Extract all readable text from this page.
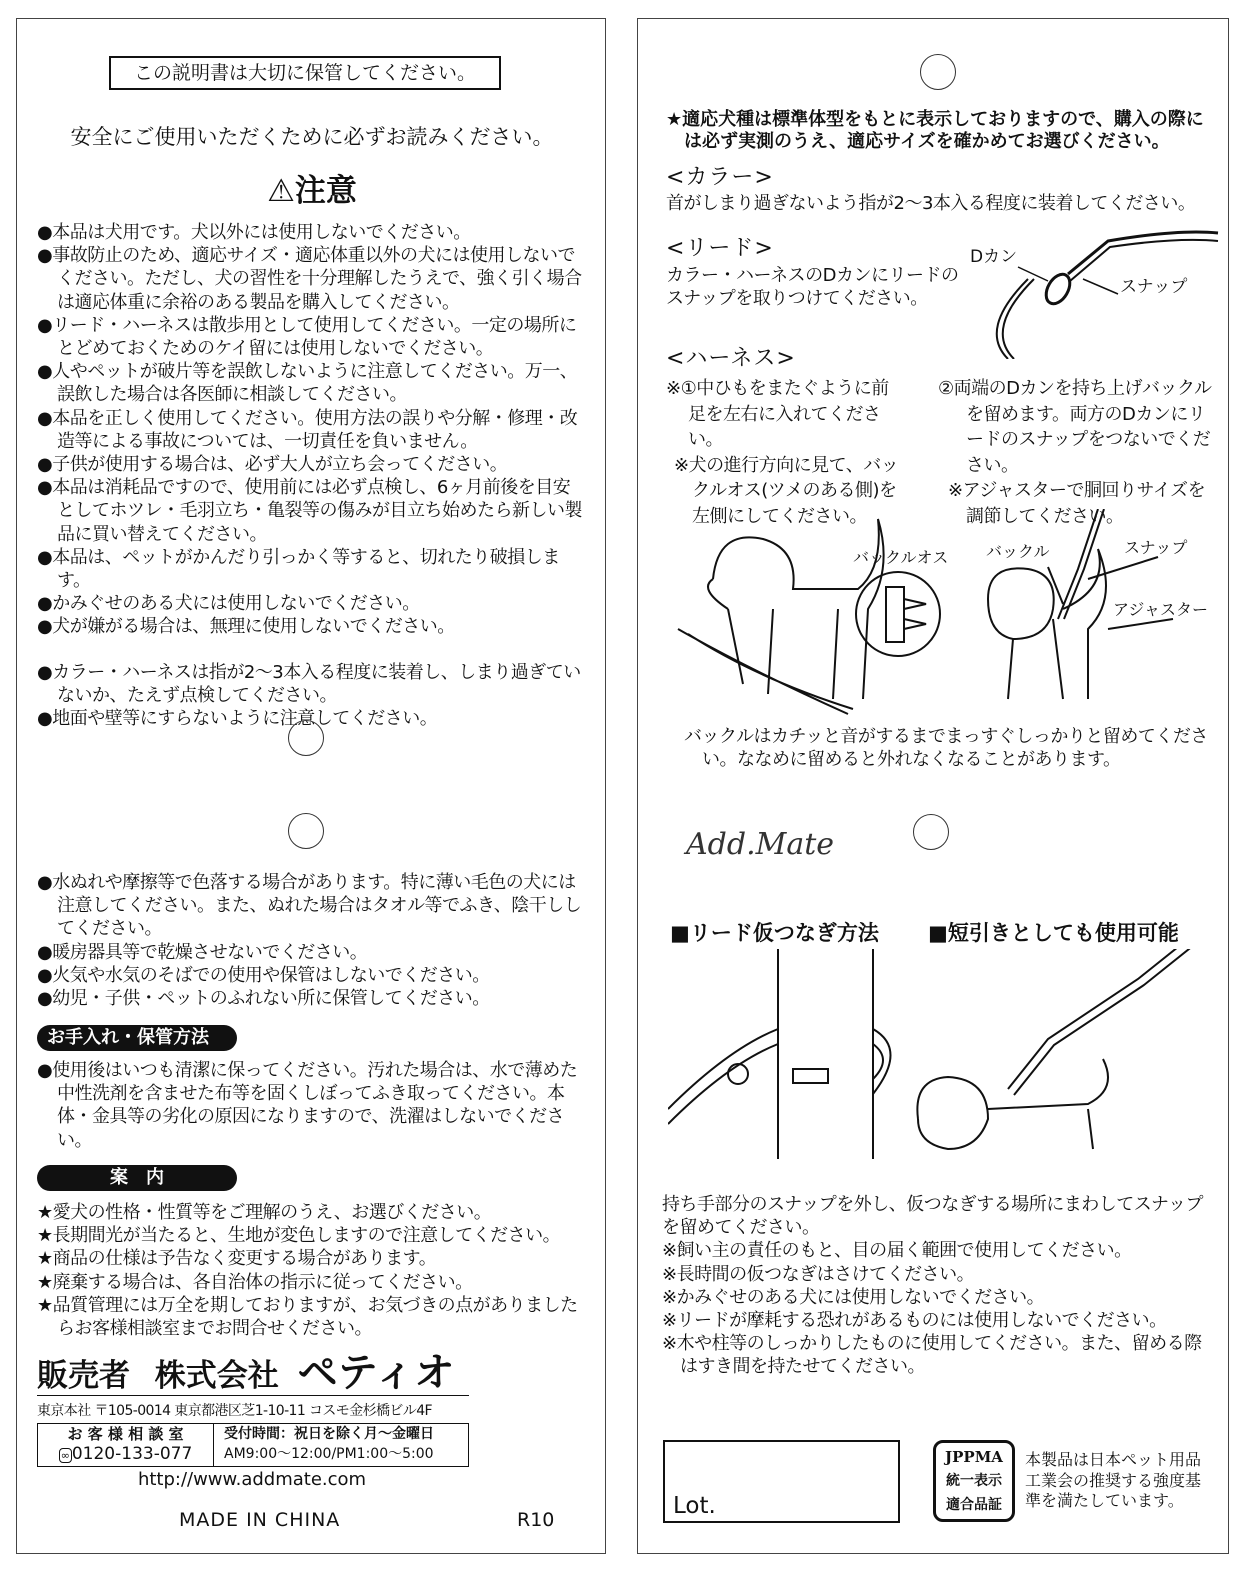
この説明書は大切に保管してください。
安全にご使用いただくために必ずお読みください。
⚠注意
● 本品は犬用です。犬以外には使用しないでください。
● 事故防止のため、適応サイズ・適応体重以外の犬には使用しないでください。ただし、犬の習性を十分理解したうえで、強く引く場合は適応体重に余裕のある製品を購入してください。
● リード・ハーネスは散歩用として使用してください。一定の場所にとどめておくためのケイ留には使用しないでください。
● 人やペットが破片等を誤飲しないように注意してください。万一、誤飲した場合は各医師に相談してください。
● 本品を正しく使用してください。使用方法の誤りや分解・修理・改造等による事故については、一切責任を負いません。
● 子供が使用する場合は、必ず大人が立ち会ってください。
● 本品は消耗品ですので、使用前には必ず点検し、6ヶ月前後を目安としてホツレ・毛羽立ち・亀裂等の傷みが目立ち始めたら新しい製品に買い替えてください。
● 本品は、ペットがかんだり引っかく等すると、切れたり破損します。
● かみぐせのある犬には使用しないでください。
● 犬が嫌がる場合は、無理に使用しないでください。
● カラー・ハーネスは指が2〜3本入る程度に装着し、しまり過ぎていないか、たえず点検してください。
● 地面や壁等にすらないように注意してください。
● 水ぬれや摩擦等で色落する場合があります。特に薄い毛色の犬には注意してください。また、ぬれた場合はタオル等でふき、陰干ししてください。
● 暖房器具等で乾燥させないでください。
● 火気や水気のそばでの使用や保管はしないでください。
● 幼児・子供・ペットのふれない所に保管してください。
お手入れ・保管方法
● 使用後はいつも清潔に保ってください。汚れた場合は、水で薄めた中性洗剤を含ませた布等を固くしぼってふき取ってください。本体・金具等の劣化の原因になりますので、洗濯はしないでください。
案　内
★ 愛犬の性格・性質等をご理解のうえ、お選びください。
★ 長期間光が当たると、生地が変色しますので注意してください。
★ 商品の仕様は予告なく変更する場合があります。
★ 廃棄する場合は、各自治体の指示に従ってください。
★ 品質管理には万全を期しておりますが、お気づきの点がありましたらお客様相談室までお問合せください。
販売者 株式会社 ペティオ
東京本社 〒105-0014 東京都港区芝1-10-11 コスモ金杉橋ビル4F
お 客 様 相 談 室
∞ 0120-133-077
受付時間：祝日を除く月〜金曜日
AM9:00〜12:00/PM1:00〜5:00
http://www.addmate.com
MADE IN CHINA	R10
★適応犬種は標準体型をもとに表示しておりますので、購入の際には必ず実測のうえ、適応サイズを確かめてお選びください。
<カラー>
首がしまり過ぎないよう指が2〜3本入る程度に装着してください。
<リード>
カラー・ハーネスのDカンにリードのスナップを取りつけてください。
Dカン
スナップ
<ハーネス>
※ ①中ひもをまたぐように前足を左右に入れてください。
※ 犬の進行方向に見て、バックルオス(ツメのある側)を左側にしてください。
②両端のDカンを持ち上げバックルを留めます。両方のDカンにリードのスナップをつないでください。
※ アジャスターで胴回りサイズを調節してください。
バックルオス バックル	スナップ
アジャスター
バックルはカチッと音がするまでまっすぐしっかりと留めてください。ななめに留めると外れなくなることがあります。
Add.Mate
■リード仮つなぎ方法 ■短引きとしても使用可能
持ち手部分のスナップを外し、仮つなぎする場所にまわしてスナップを留めてください。
※ 飼い主の責任のもと、目の届く範囲で使用してください。
※ 長時間の仮つなぎはさけてください。
※ かみぐせのある犬には使用しないでください。
※ リードが摩耗する恐れがあるものには使用しないでください。
※ 木や柱等のしっかりしたものに使用してください。また、留める際はすき間を持たせてください。
Lot.
JPPMA
統一表示
適合品証
本製品は日本ペット用品工業会の推奨する強度基準を満たしています。
